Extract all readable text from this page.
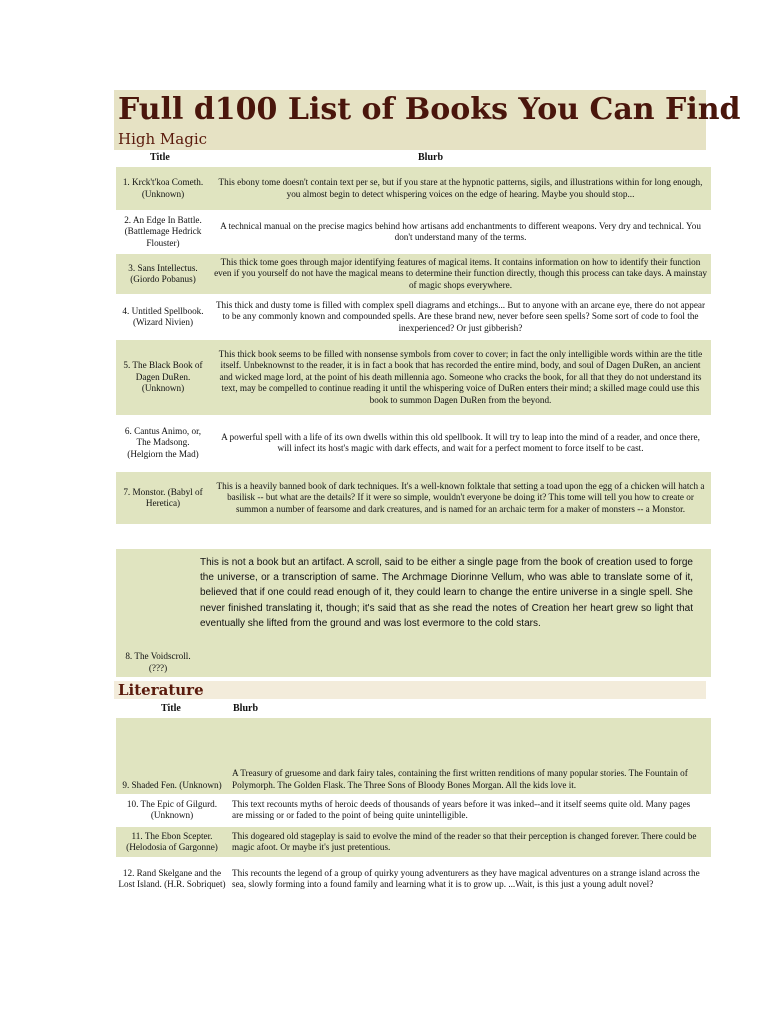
Full d100 List of Books You Can Find
High Magic
Title	Blurb
1. Krck't'koa Cometh. (Unknown)
This ebony tome doesn't contain text per se, but if you stare at the hypnotic patterns, sigils, and illustrations within for long enough, you almost begin to detect whispering voices on the edge of hearing. Maybe you should stop...
2. An Edge In Battle. (Battlemage Hedrick Flouster)
A technical manual on the precise magics behind how artisans add enchantments to different weapons. Very dry and technical. You don't understand many of the terms.
3. Sans Intellectus. (Giordo Pobanus)
This thick tome goes through major identifying features of magical items. It contains information on how to identify their function even if you yourself do not have the magical means to determine their function directly, though this process can take days. A mainstay of magic shops everywhere.
4. Untitled Spellbook. (Wizard Nivien)
This thick and dusty tome is filled with complex spell diagrams and etchings... But to anyone with an arcane eye, there do not appear to be any commonly known and compounded spells. Are these brand new, never before seen spells? Some sort of code to fool the inexperienced? Or just gibberish?
5. The Black Book of Dagen DuRen. (Unknown)
This thick book seems to be filled with nonsense symbols from cover to cover; in fact the only intelligible words within are the title itself. Unbeknownst to the reader, it is in fact a book that has recorded the entire mind, body, and soul of Dagen DuRen, an ancient and wicked mage lord, at the point of his death millennia ago. Someone who cracks the book, for all that they do not understand its text, may be compelled to continue reading it until the whispering voice of DuRen enters their mind; a skilled mage could use this book to summon Dagen DuRen from the beyond.
6. Cantus Animo, or, The Madsong. (Helgiorn the Mad)
A powerful spell with a life of its own dwells within this old spellbook. It will try to leap into the mind of a reader, and once there, will infect its host's magic with dark effects, and wait for a perfect moment to force itself to be cast.
7. Monstor. (Babyl of Heretica)
This is a heavily banned book of dark techniques. It's a well-known folktale that setting a toad upon the egg of a chicken will hatch a basilisk -- but what are the details? If it were so simple, wouldn't everyone be doing it? This tome will tell you how to create or summon a number of fearsome and dark creatures, and is named for an archaic term for a maker of monsters -- a Monstor.
8. The Voidscroll. (???)
This is not a book but an artifact. A scroll, said to be either a single page from the book of creation used to forge the universe, or a transcription of same. The Archmage Diorinne Vellum, who was able to translate some of it, believed that if one could read enough of it, they could learn to change the entire universe in a single spell. She never finished translating it, though; it's said that as she read the notes of Creation her heart grew so light that eventually she lifted from the ground and was lost evermore to the cold stars.
Literature
Title	Blurb
9. Shaded Fen. (Unknown)
A Treasury of gruesome and dark fairy tales, containing the first written renditions of many popular stories. The Fountain of Polymorph. The Golden Flask. The Three Sons of Bloody Bones Morgan. All the kids love it.
10. The Epic of Gilgurd. (Unknown)
This text recounts myths of heroic deeds of thousands of years before it was inked--and it itself seems quite old. Many pages are missing or or faded to the point of being quite unintelligible.
11. The Ebon Scepter. (Helodosia of Gargonne)
This dogeared old stageplay is said to evolve the mind of the reader so that their perception is changed forever. There could be magic afoot. Or maybe it's just pretentious.
12. Rand Skelgane and the Lost Island. (H.R. Sobriquet)
This recounts the legend of a group of quirky young adventurers as they have magical adventures on a strange island across the sea, slowly forming into a found family and learning what it is to grow up. ...Wait, is this just a young adult novel?
